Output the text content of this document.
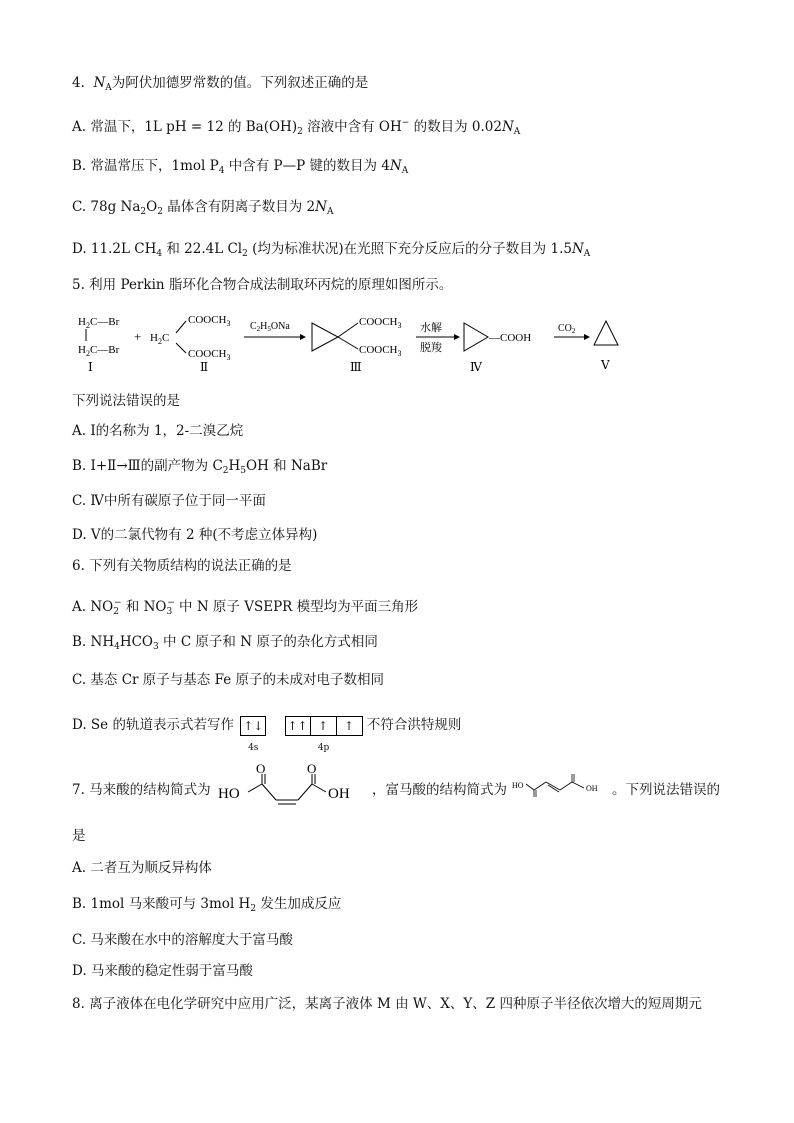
4. $N_A$为阿伏加德罗常数的值。下列叙述正确的是
A. 常温下，1L pH = 12 的 $Ba(OH)_2$ 溶液中含有 OH− 的数目为 $0.02N_A$
B. 常温常压下，1mol $P_4$ 中含有 P—P 键的数目为 $4N_A$
C. 78g $Na_2O_2$ 晶体含有阴离子数目为 $2N_A$
D. 11.2L $CH_4$ 和 22.4L $Cl_2$ (均为标准状况)在光照下充分反应后的分子数目为 $1.5N_A$
5. 利用 Perkin 脂环化合物合成法制取环丙烷的原理如图所示。
$H_2C—Br$
$H_2C—Br$
Ⅰ
+ $H_2C$
$COOCH_3$
$COOCH_3$
Ⅱ
$C_2H_5ONa$	$COOCH_3$
$COOCH_3$
Ⅲ
水解
脱羧
—COOH
Ⅳ
$CO_2$
Ⅴ
下列说法错误的是
A. Ⅰ的名称为 1，2-二溴乙烷
B. Ⅰ+Ⅱ→Ⅲ的副产物为 $C_2H_5OH$ 和 NaBr
C. Ⅳ中所有碳原子位于同一平面
D. Ⅴ的二氯代物有 2 种(不考虑立体异构)
6. 下列有关物质结构的说法正确的是
A. $NO_2^-$ 和 $NO_3^-$ 中 N 原子 VSEPR 模型均为平面三角形
B. $NH_4HCO_3$ 中 C 原子和 N 原子的杂化方式相同
C. 基态 Cr 原子与基态 Fe 原子的未成对电子数相同
D. Se 的轨道表示式若写作 ↑↓
4s
↑↑ ↑ ↑
4p
不符合洪特规则
7. 马来酸的结构简式为 HO
O	O
OH ，富马酸的结构简式为 HO	OH 。下列说法错误的
是
A. 二者互为顺反异构体
B. 1mol 马来酸可与 3mol $H_2$ 发生加成反应
C. 马来酸在水中的溶解度大于富马酸
D. 马来酸的稳定性弱于富马酸
8. 离子液体在电化学研究中应用广泛，某离子液体 M 由 W、X、Y、Z 四种原子半径依次增大的短周期元
